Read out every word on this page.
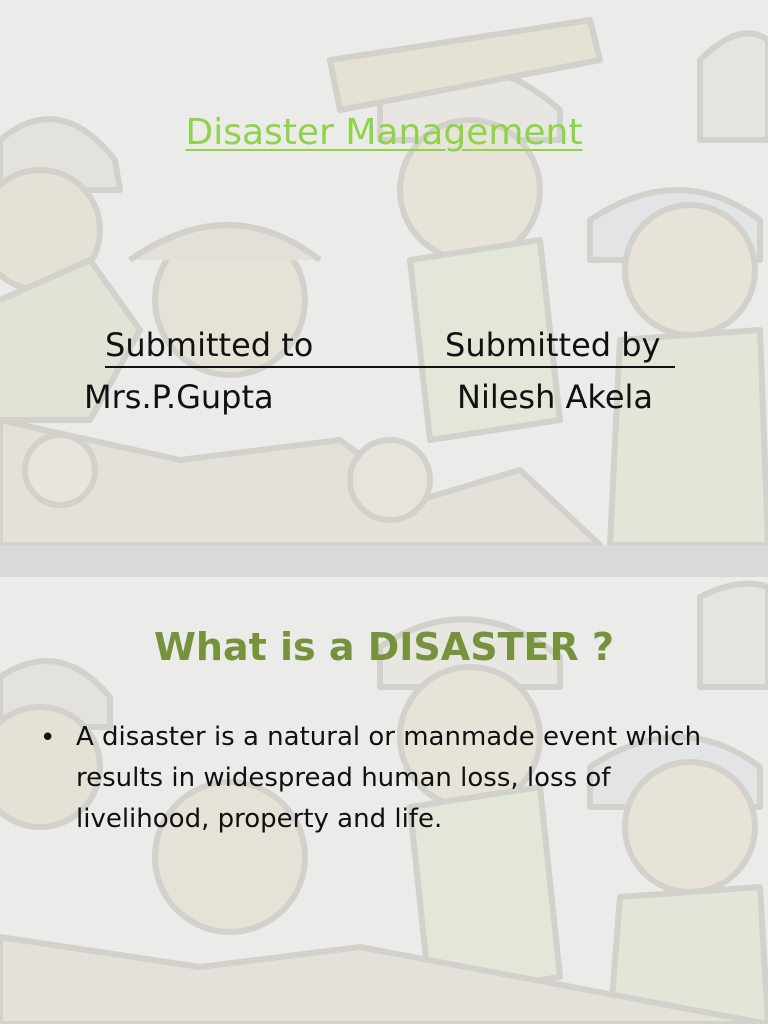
Disaster Management
Submitted to	Submitted by
Mrs.P.Gupta	Nilesh Akela
What is a DISASTER ?
• A disaster is a natural or manmade event which results in widespread human loss, loss of livelihood, property and life.
